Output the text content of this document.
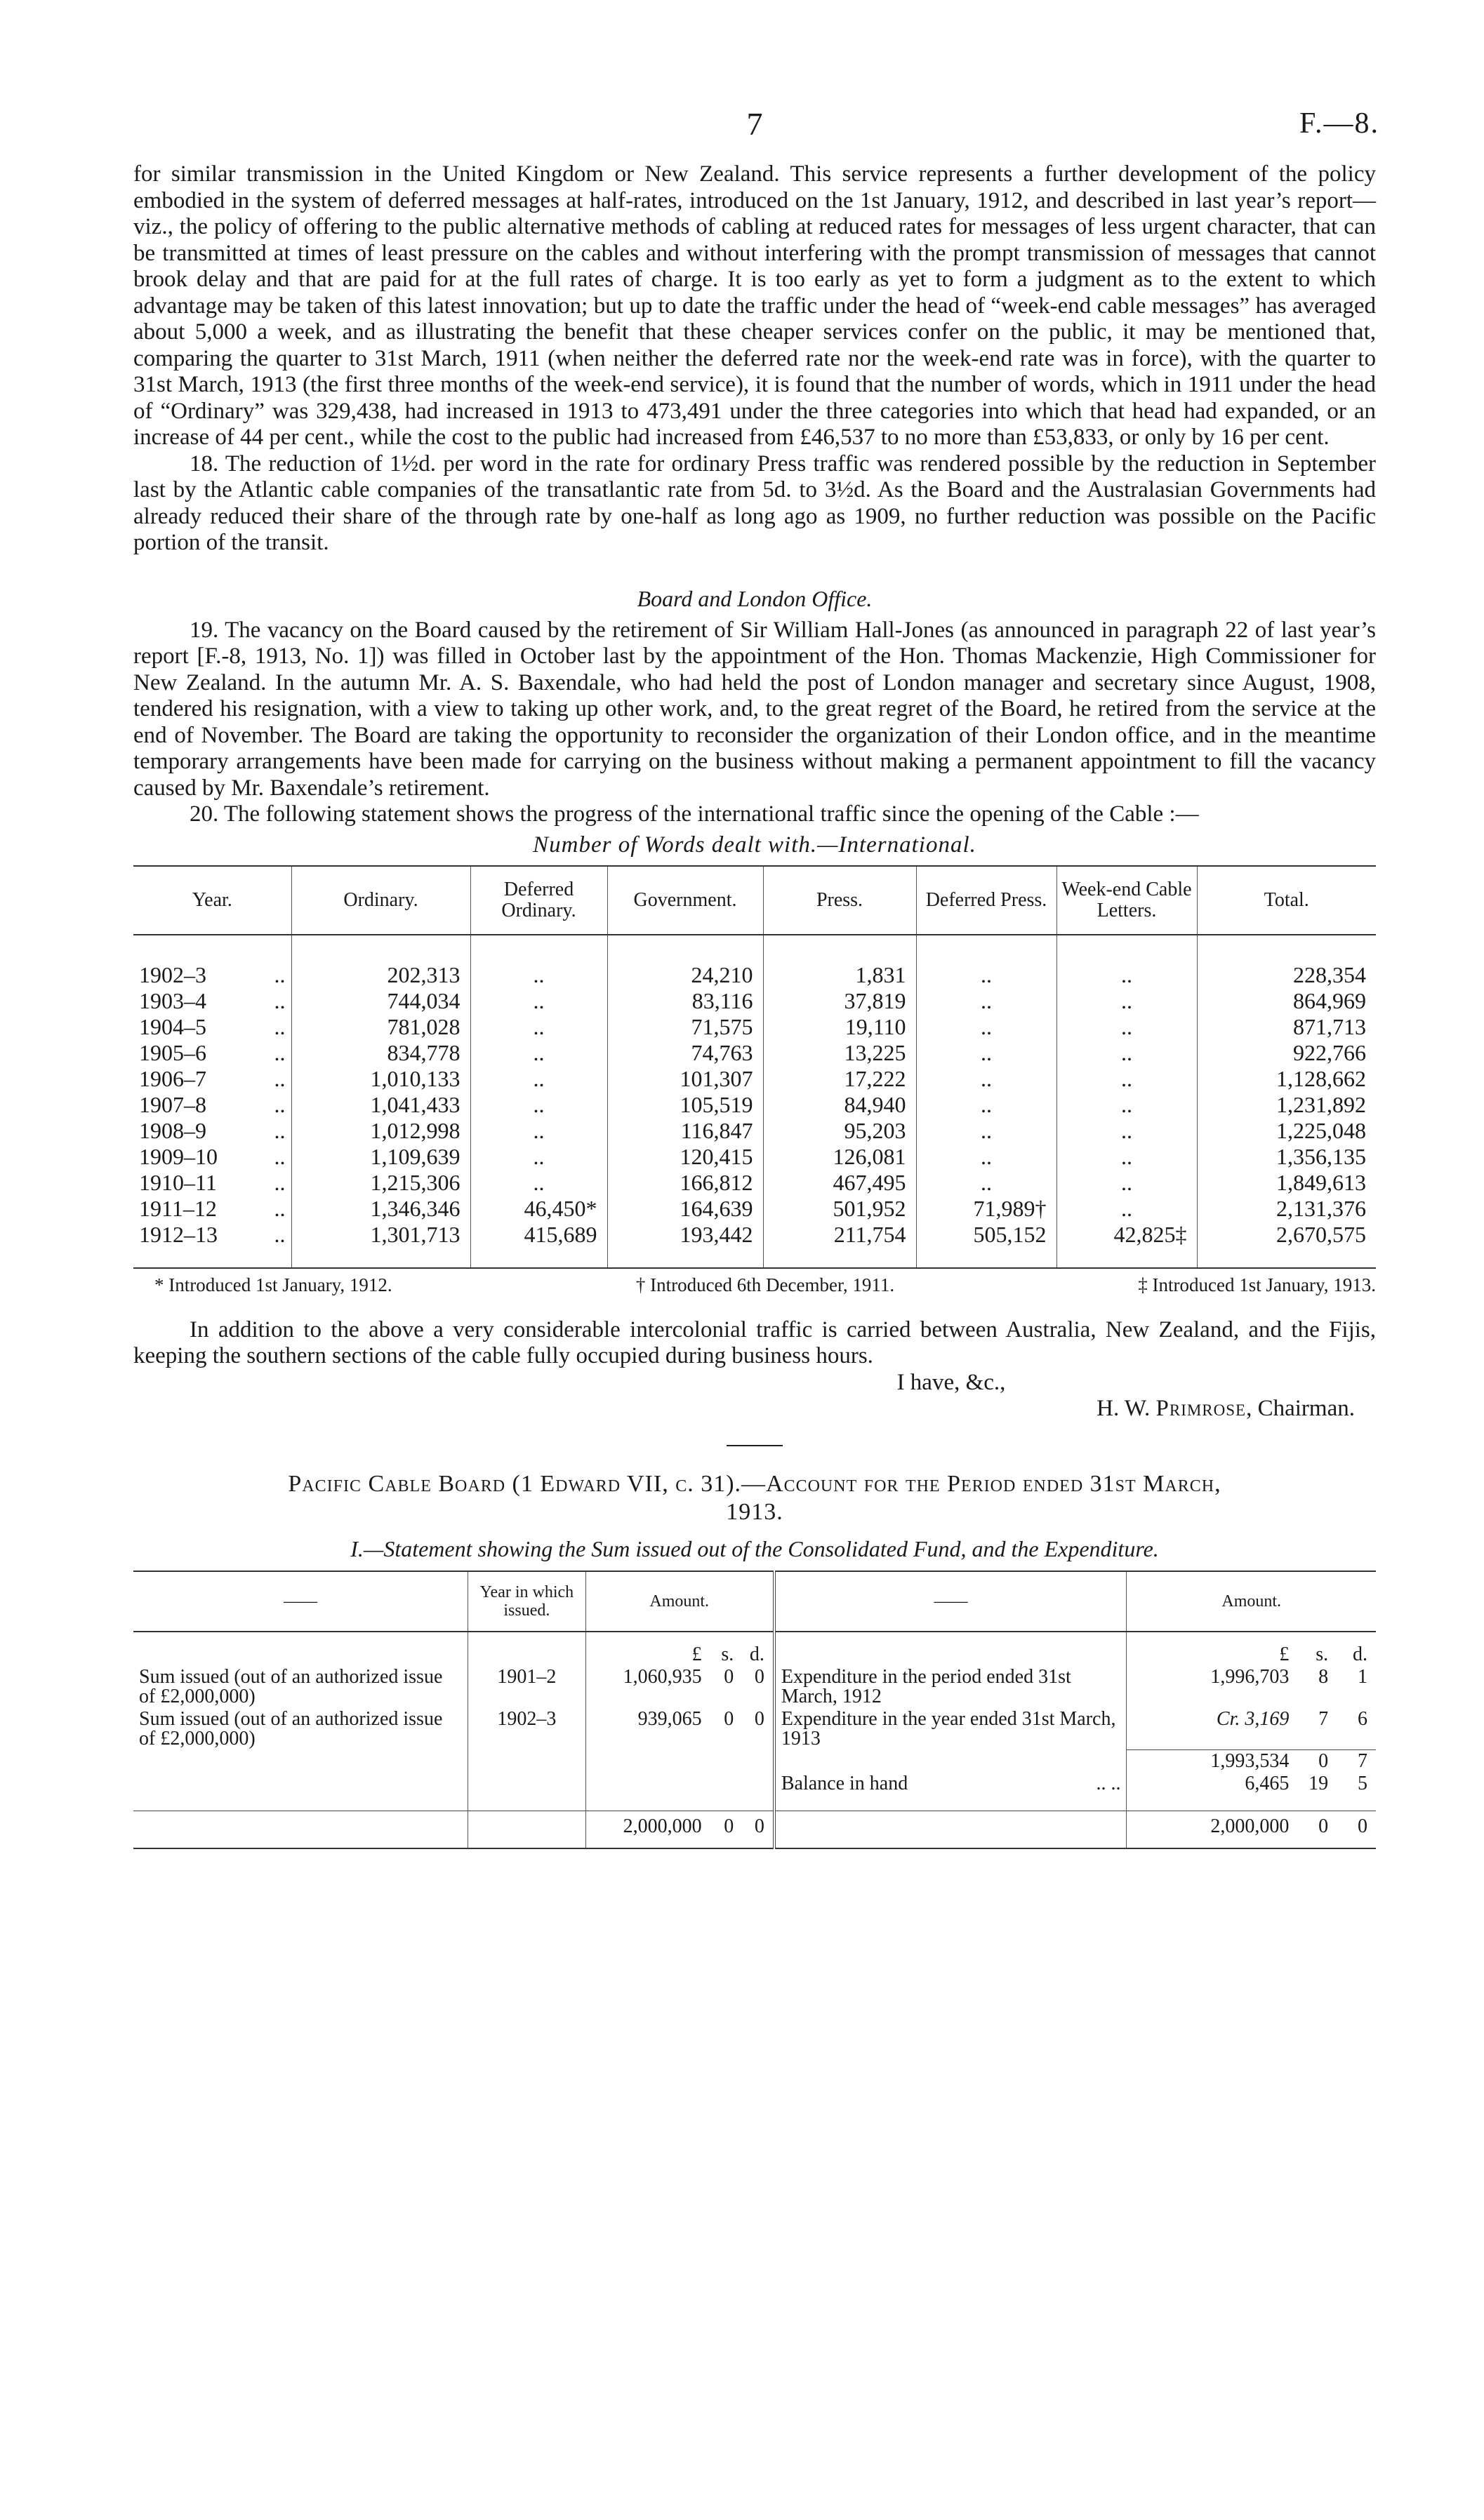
7	F.—8.

for similar transmission in the United Kingdom or New Zealand. This service represents a further development of the policy embodied in the system of deferred messages at half-rates, introduced on the 1st January, 1912, and described in last year’s report—viz., the policy of offering to the public alternative methods of cabling at reduced rates for messages of less urgent character, that can be transmitted at times of least pressure on the cables and without interfering with the prompt transmission of messages that cannot brook delay and that are paid for at the full rates of charge. It is too early as yet to form a judgment as to the extent to which advantage may be taken of this latest innovation; but up to date the traffic under the head of “week-end cable messages” has averaged about 5,000 a week, and as illustrating the benefit that these cheaper services confer on the public, it may be mentioned that, comparing the quarter to 31st March, 1911 (when neither the deferred rate nor the week-end rate was in force), with the quarter to 31st March, 1913 (the first three months of the week-end service), it is found that the number of words, which in 1911 under the head of “Ordinary” was 329,438, had increased in 1913 to 473,491 under the three categories into which that head had expanded, or an increase of 44 per cent., while the cost to the public had increased from £46,537 to no more than £53,833, or only by 16 per cent.

18. The reduction of 1½d. per word in the rate for ordinary Press traffic was rendered possible by the reduction in September last by the Atlantic cable companies of the transatlantic rate from 5d. to 3½d. As the Board and the Australasian Governments had already reduced their share of the through rate by one-half as long ago as 1909, no further reduction was possible on the Pacific portion of the transit.

Board and London Office.

19. The vacancy on the Board caused by the retirement of Sir William Hall-Jones (as announced in paragraph 22 of last year’s report [F.-8, 1913, No. 1]) was filled in October last by the appointment of the Hon. Thomas Mackenzie, High Commissioner for New Zealand. In the autumn Mr. A. S. Baxendale, who had held the post of London manager and secretary since August, 1908, tendered his resignation, with a view to taking up other work, and, to the great regret of the Board, he retired from the service at the end of November. The Board are taking the opportunity to reconsider the organization of their London office, and in the meantime temporary arrangements have been made for carrying on the business without making a permanent appointment to fill the vacancy caused by Mr. Baxendale’s retirement.

20. The following statement shows the progress of the international traffic since the opening of the Cable :—

Number of Words dealt with.—International.
Year.	Ordinary.	Deferred Ordinary.	Government.	Press.	Deferred Press.	Week-end Cable Letters.	Total.
1902–3 ..	202,313	..	24,210	1,831	..	..	228,354
1903–4 ..	744,034	..	83,116	37,819	..	..	864,969
1904–5 ..	781,028	..	71,575	19,110	..	..	871,713
1905–6 ..	834,778	..	74,763	13,225	..	..	922,766
1906–7 ..	1,010,133	..	101,307	17,222	..	..	1,128,662
1907–8 ..	1,041,433	..	105,519	84,940	..	..	1,231,892
1908–9 ..	1,012,998	..	116,847	95,203	..	..	1,225,048
1909–10 ..	1,109,639	..	120,415	126,081	..	..	1,356,135
1910–11 ..	1,215,306	..	166,812	467,495	..	..	1,849,613
1911–12 ..	1,346,346	46,450*	164,639	501,952	71,989†	..	2,131,376
1912–13 ..	1,301,713	415,689	193,442	211,754	505,152	42,825‡	2,670,575
* Introduced 1st January, 1912.	† Introduced 6th December, 1911.	‡ Introduced 1st January, 1913.

In addition to the above a very considerable intercolonial traffic is carried between Australia, New Zealand, and the Fijis, keeping the southern sections of the cable fully occupied during business hours.

I have, &c.,
H. W. Primrose, Chairman.
Pacific Cable Board (1 Edward VII, c. 31).—Account for the Period ended 31st March,
1913.
I.—Statement showing the Sum issued out of the Consolidated Fund, and the Expenditure.
——	Year in which issued.	Amount.			——	Amount.		
		£	s.	d.		£	s.	d.
Sum issued (out of an authorized issue of £2,000,000)	1901–2	1,060,935	0	0	Expenditure in the period ended 31st March, 1912	1,996,703	8	1
Sum issued (out of an authorized issue of £2,000,000)	1902–3	939,065	0	0	Expenditure in the year ended 31st March, 1913	Cr. 3,169	7	6
						1,993,534	0	7
					Balance in hand .. ..	6,465	19	5
		2,000,000	0	0		2,000,000	0	0
